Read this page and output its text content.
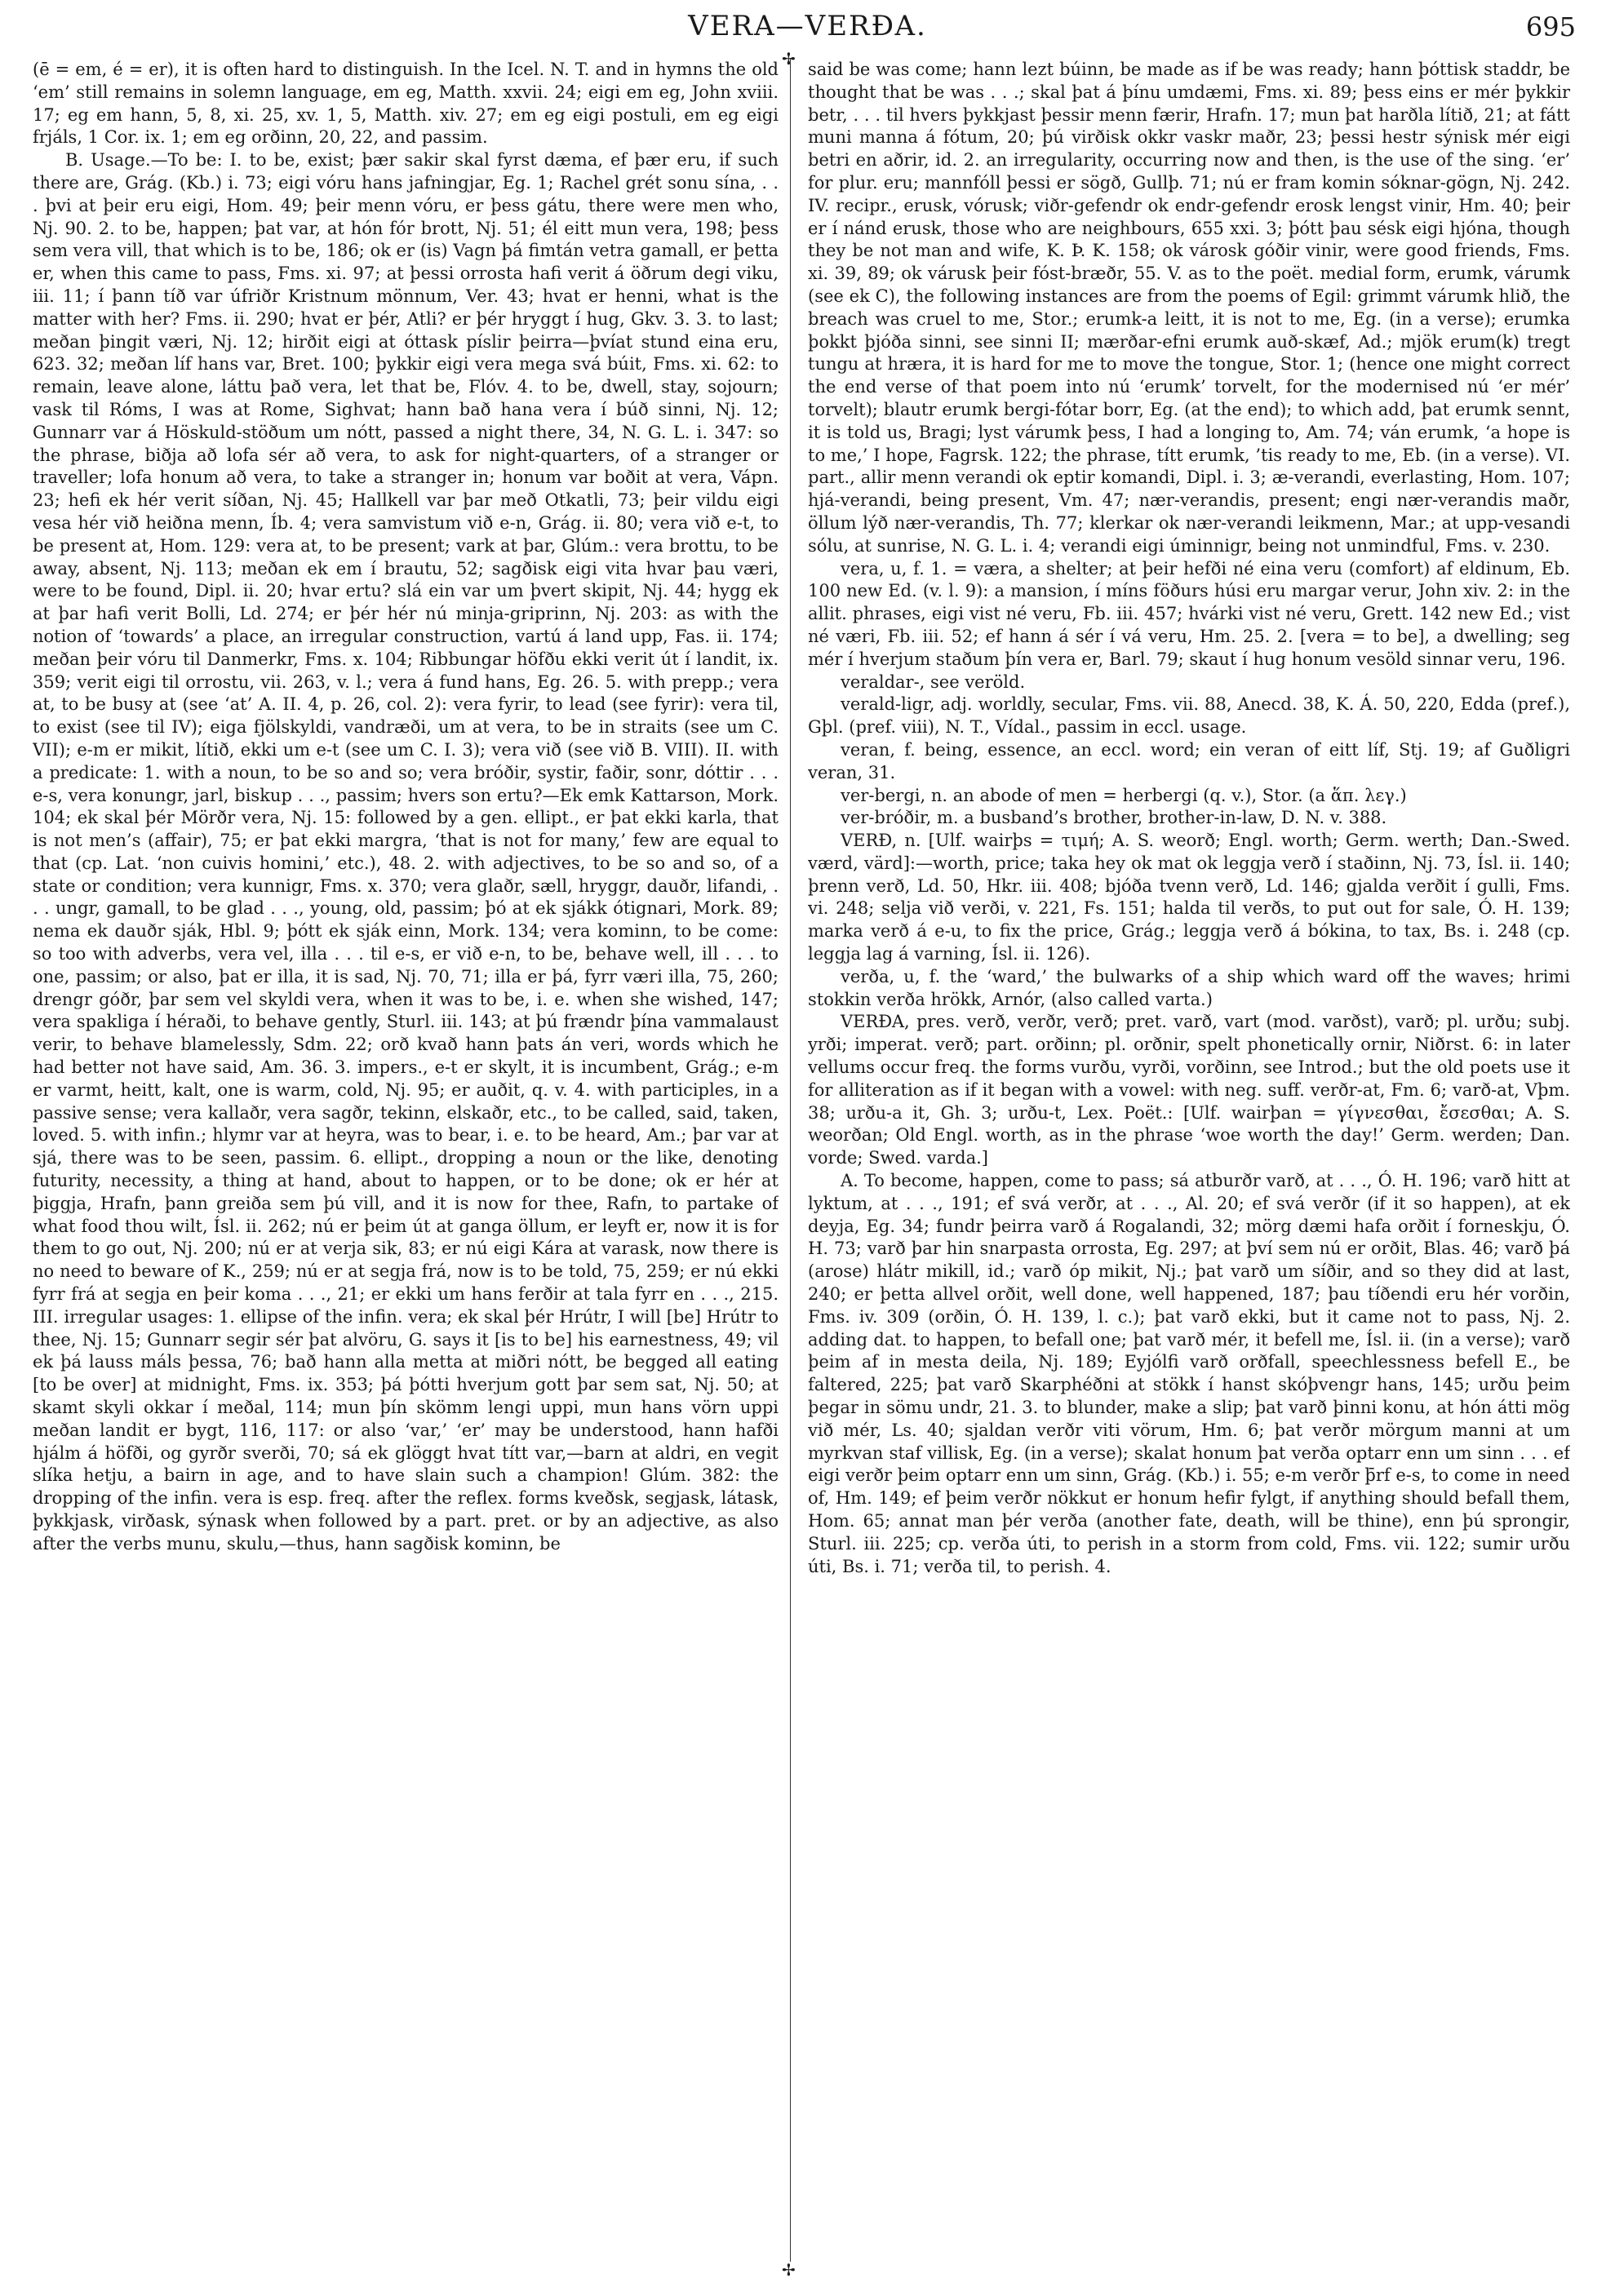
VERA—VERÐA.	695
✢
✢

(ē = em, é = er), it is often hard to distinguish. In the Icel. N. T. and in hymns the old ‘em’ still remains in solemn language, em eg, Matth. xxvii. 24; eigi em eg, John xviii. 17; eg em hann, 5, 8, xi. 25, xv. 1, 5, Matth. xiv. 27; em eg eigi postuli, em eg eigi frjáls, 1 Cor. ix. 1; em eg orðinn, 20, 22, and passim.

B. Usage.—To be: I. to be, exist; þær sakir skal fyrst dæma, ef þær eru, if such there are, Grág. (Kb.) i. 73; eigi vóru hans jafningjar, Eg. 1; Rachel grét sonu sína, . . . þvi at þeir eru eigi, Hom. 49; þeir menn vóru, er þess gátu, there were men who, Nj. 90. 2. to be, happen; þat var, at hón fór brott, Nj. 51; él eitt mun vera, 198; þess sem vera vill, that which is to be, 186; ok er (is) Vagn þá fimtán vetra gamall, er þetta er, when this came to pass, Fms. xi. 97; at þessi orrosta hafi verit á öðrum degi viku, iii. 11; í þann tíð var úfriðr Kristnum mönnum, Ver. 43; hvat er henni, what is the matter with her? Fms. ii. 290; hvat er þér, Atli? er þér hryggt í hug, Gkv. 3. 3. to last; meðan þingit væri, Nj. 12; hirðit eigi at óttask píslir þeirra—þvíat stund eina eru, 623. 32; meðan líf hans var, Bret. 100; þykkir eigi vera mega svá búit, Fms. xi. 62: to remain, leave alone, láttu það vera, let that be, Flóv. 4. to be, dwell, stay, sojourn; vask til Róms, I was at Rome, Sighvat; hann bað hana vera í búð sinni, Nj. 12; Gunnarr var á Höskuld-stöðum um nótt, passed a night there, 34, N. G. L. i. 347: so the phrase, biðja að lofa sér að vera, to ask for night-quarters, of a stranger or traveller; lofa honum að vera, to take a stranger in; honum var boðit at vera, Vápn. 23; hefi ek hér verit síðan, Nj. 45; Hallkell var þar með Otkatli, 73; þeir vildu eigi vesa hér við heiðna menn, Íb. 4; vera samvistum við e-n, Grág. ii. 80; vera við e-t, to be present at, Hom. 129: vera at, to be present; vark at þar, Glúm.: vera brottu, to be away, absent, Nj. 113; meðan ek em í brautu, 52; sagðisk eigi vita hvar þau væri, were to be found, Dipl. ii. 20; hvar ertu? slá ein var um þvert skipit, Nj. 44; hygg ek at þar hafi verit Bolli, Ld. 274; er þér hér nú minja-griprinn, Nj. 203: as with the notion of ‘towards’ a place, an irregular construction, vartú á land upp, Fas. ii. 174; meðan þeir vóru til Danmerkr, Fms. x. 104; Ribbungar höfðu ekki verit út í landit, ix. 359; verit eigi til orrostu, vii. 263, v. l.; vera á fund hans, Eg. 26. 5. with prepp.; vera at, to be busy at (see ‘at’ A. II. 4, p. 26, col. 2): vera fyrir, to lead (see fyrir): vera til, to exist (see til IV); eiga fjölskyldi, vandræði, um at vera, to be in straits (see um C. VII); e-m er mikit, lítið, ekki um e-t (see um C. I. 3); vera við (see við B. VIII). II. with a predicate: 1. with a noun, to be so and so; vera bróðir, systir, faðir, sonr, dóttir . . . e-s, vera konungr, jarl, biskup . . ., passim; hvers son ertu?—Ek emk Kattarson, Mork. 104; ek skal þér Mörðr vera, Nj. 15: followed by a gen. ellipt., er þat ekki karla, that is not men’s (affair), 75; er þat ekki margra, ‘that is not for many,’ few are equal to that (cp. Lat. ‘non cuivis homini,’ etc.), 48. 2. with adjectives, to be so and so, of a state or condition; vera kunnigr, Fms. x. 370; vera glaðr, sæll, hryggr, dauðr, lifandi, . . . ungr, gamall, to be glad . . ., young, old, passim; þó at ek sjákk ótignari, Mork. 89; nema ek dauðr sják, Hbl. 9; þótt ek sják einn, Mork. 134; vera kominn, to be come: so too with adverbs, vera vel, illa . . . til e-s, er við e-n, to be, behave well, ill . . . to one, passim; or also, þat er illa, it is sad, Nj. 70, 71; illa er þá, fyrr væri illa, 75, 260; drengr góðr, þar sem vel skyldi vera, when it was to be, i. e. when she wished, 147; vera spakliga í héraði, to behave gently, Sturl. iii. 143; at þú frændr þína vammalaust verir, to behave blamelessly, Sdm. 22; orð kvað hann þats án veri, words which he had better not have said, Am. 36. 3. impers., e-t er skylt, it is incumbent, Grág.; e-m er varmt, heitt, kalt, one is warm, cold, Nj. 95; er auðit, q. v. 4. with participles, in a passive sense; vera kallaðr, vera sagðr, tekinn, elskaðr, etc., to be called, said, taken, loved. 5. with infin.; hlymr var at heyra, was to bear, i. e. to be heard, Am.; þar var at sjá, there was to be seen, passim. 6. ellipt., dropping a noun or the like, denoting futurity, necessity, a thing at hand, about to happen, or to be done; ok er hér at þiggja, Hrafn, þann greiða sem þú vill, and it is now for thee, Rafn, to partake of what food thou wilt, Ísl. ii. 262; nú er þeim út at ganga öllum, er leyft er, now it is for them to go out, Nj. 200; nú er at verja sik, 83; er nú eigi Kára at varask, now there is no need to beware of K., 259; nú er at segja frá, now is to be told, 75, 259; er nú ekki fyrr frá at segja en þeir koma . . ., 21; er ekki um hans ferðir at tala fyrr en . . ., 215. III. irregular usages: 1. ellipse of the infin. vera; ek skal þér Hrútr, I will [be] Hrútr to thee, Nj. 15; Gunnarr segir sér þat alvöru, G. says it [is to be] his earnestness, 49; vil ek þá lauss máls þessa, 76; bað hann alla metta at miðri nótt, be begged all eating [to be over] at midnight, Fms. ix. 353; þá þótti hverjum gott þar sem sat, Nj. 50; at skamt skyli okkar í meðal, 114; mun þín skömm lengi uppi, mun hans vörn uppi meðan landit er bygt, 116, 117: or also ‘var,’ ‘er’ may be understood, hann hafði hjálm á höfði, og gyrðr sverði, 70; sá ek glöggt hvat títt var,—barn at aldri, en vegit slíka hetju, a bairn in age, and to have slain such a champion! Glúm. 382: the dropping of the infin. vera is esp. freq. after the reflex. forms kveðsk, segjask, látask, þykkjask, virðask, sýnask when followed by a part. pret. or by an adjective, as also after the verbs munu, skulu,—thus, hann sagðisk kominn, be

said be was come; hann lezt búinn, be made as if be was ready; hann þóttisk staddr, be thought that be was . . .; skal þat á þínu umdæmi, Fms. xi. 89; þess eins er mér þykkir betr, . . . til hvers þykkjast þessir menn færir, Hrafn. 17; mun þat harðla lítið, 21; at fátt muni manna á fótum, 20; þú virðisk okkr vaskr maðr, 23; þessi hestr sýnisk mér eigi betri en aðrir, id. 2. an irregularity, occurring now and then, is the use of the sing. ‘er’ for plur. eru; mannfóll þessi er sögð, Gullþ. 71; nú er fram komin sóknar-gögn, Nj. 242. IV. recipr., erusk, vórusk; viðr-gefendr ok endr-gefendr erosk lengst vinir, Hm. 40; þeir er í nánd erusk, those who are neighbours, 655 xxi. 3; þótt þau sésk eigi hjóna, though they be not man and wife, K. Þ. K. 158; ok városk góðir vinir, were good friends, Fms. xi. 39, 89; ok várusk þeir fóst-bræðr, 55. V. as to the poët. medial form, erumk, várumk (see ek C), the following instances are from the poems of Egil: grimmt várumk hlið, the breach was cruel to me, Stor.; erumk-a leitt, it is not to me, Eg. (in a verse); erumka þokkt þjóða sinni, see sinni II; mærðar-efni erumk auð-skæf, Ad.; mjök erum(k) tregt tungu at hræra, it is hard for me to move the tongue, Stor. 1; (hence one might correct the end verse of that poem into nú ‘erumk’ torvelt, for the modernised nú ‘er mér’ torvelt); blautr erumk bergi-fótar borr, Eg. (at the end); to which add, þat erumk sennt, it is told us, Bragi; lyst várumk þess, I had a longing to, Am. 74; ván erumk, ‘a hope is to me,’ I hope, Fagrsk. 122; the phrase, títt erumk, ’tis ready to me, Eb. (in a verse). VI. part., allir menn verandi ok eptir komandi, Dipl. i. 3; æ-verandi, everlasting, Hom. 107; hjá-verandi, being present, Vm. 47; nær-verandis, present; engi nær-verandis maðr, öllum lýð nær-verandis, Th. 77; klerkar ok nær-verandi leikmenn, Mar.; at upp-vesandi sólu, at sunrise, N. G. L. i. 4; verandi eigi úminnigr, being not unmindful, Fms. v. 230.

vera, u, f. 1. = væra, a shelter; at þeir hefði né eina veru (comfort) af eldinum, Eb. 100 new Ed. (v. l. 9): a mansion, í míns föðurs húsi eru margar verur, John xiv. 2: in the allit. phrases, eigi vist né veru, Fb. iii. 457; hvárki vist né veru, Grett. 142 new Ed.; vist né væri, Fb. iii. 52; ef hann á sér í vá veru, Hm. 25. 2. [vera = to be], a dwelling; seg mér í hverjum staðum þín vera er, Barl. 79; skaut í hug honum vesöld sinnar veru, 196.

veraldar-, see veröld.

verald-ligr, adj. worldly, secular, Fms. vii. 88, Anecd. 38, K. Á. 50, 220, Edda (pref.), Gþl. (pref. viii), N. T., Vídal., passim in eccl. usage.

veran, f. being, essence, an eccl. word; ein veran of eitt líf, Stj. 19; af Guðligri veran, 31.

ver-bergi, n. an abode of men = herbergi (q. v.), Stor. (a ἅπ. λεγ.)

ver-bróðir, m. a busband’s brother, brother-in-law, D. N. v. 388.

VERÐ, n. [Ulf. wairþs = τιμή; A. S. weorð; Engl. worth; Germ. werth; Dan.-Swed. værd, värd]:—worth, price; taka hey ok mat ok leggja verð í staðinn, Nj. 73, Ísl. ii. 140; þrenn verð, Ld. 50, Hkr. iii. 408; bjóða tvenn verð, Ld. 146; gjalda verðit í gulli, Fms. vi. 248; selja við verði, v. 221, Fs. 151; halda til verðs, to put out for sale, Ó. H. 139; marka verð á e-u, to fix the price, Grág.; leggja verð á bókina, to tax, Bs. i. 248 (cp. leggja lag á varning, Ísl. ii. 126).

verða, u, f. the ‘ward,’ the bulwarks of a ship which ward off the waves; hrimi stokkin verða hrökk, Arnór, (also called varta.)

VERÐA, pres. verð, verðr, verð; pret. varð, vart (mod. varðst), varð; pl. urðu; subj. yrði; imperat. verð; part. orðinn; pl. orðnir, spelt phonetically ornir, Niðrst. 6: in later vellums occur freq. the forms vurðu, vyrði, vorðinn, see Introd.; but the old poets use it for alliteration as if it began with a vowel: with neg. suff. verðr-at, Fm. 6; varð-at, Vþm. 38; urðu-a it, Gh. 3; urðu-t, Lex. Poët.: [Ulf. wairþan = γίγνεσθαι, ἔσεσθαι; A. S. weorðan; Old Engl. worth, as in the phrase ‘woe worth the day!’ Germ. werden; Dan. vorde; Swed. varda.]

A. To become, happen, come to pass; sá atburðr varð, at . . ., Ó. H. 196; varð hitt at lyktum, at . . ., 191; ef svá verðr, at . . ., Al. 20; ef svá verðr (if it so happen), at ek deyja, Eg. 34; fundr þeirra varð á Rogalandi, 32; mörg dæmi hafa orðit í forneskju, Ó. H. 73; varð þar hin snarpasta orrosta, Eg. 297; at því sem nú er orðit, Blas. 46; varð þá (arose) hlátr mikill, id.; varð óp mikit, Nj.; þat varð um síðir, and so they did at last, 240; er þetta allvel orðit, well done, well happened, 187; þau tíðendi eru hér vorðin, Fms. iv. 309 (orðin, Ó. H. 139, l. c.); þat varð ekki, but it came not to pass, Nj. 2. adding dat. to happen, to befall one; þat varð mér, it befell me, Ísl. ii. (in a verse); varð þeim af in mesta deila, Nj. 189; Eyjólfi varð orðfall, speechlessness befell E., be faltered, 225; þat varð Skarphéðni at stökk í hanst skóþvengr hans, 145; urðu þeim þegar in sömu undr, 21. 3. to blunder, make a slip; þat varð þinni konu, at hón átti mög við mér, Ls. 40; sjaldan verðr viti vörum, Hm. 6; þat verðr mörgum manni at um myrkvan staf villisk, Eg. (in a verse); skalat honum þat verða optarr enn um sinn . . . ef eigi verðr þeim optarr enn um sinn, Grág. (Kb.) i. 55; e-m verðr þ̄rf e-s, to come in need of, Hm. 149; ef þeim verðr nökkut er honum hefir fylgt, if anything should befall them, Hom. 65; annat man þér verða (another fate, death, will be thine), enn þú sprongir, Sturl. iii. 225; cp. verða úti, to perish in a storm from cold, Fms. vii. 122; sumir urðu úti, Bs. i. 71; verða til, to perish. 4.
